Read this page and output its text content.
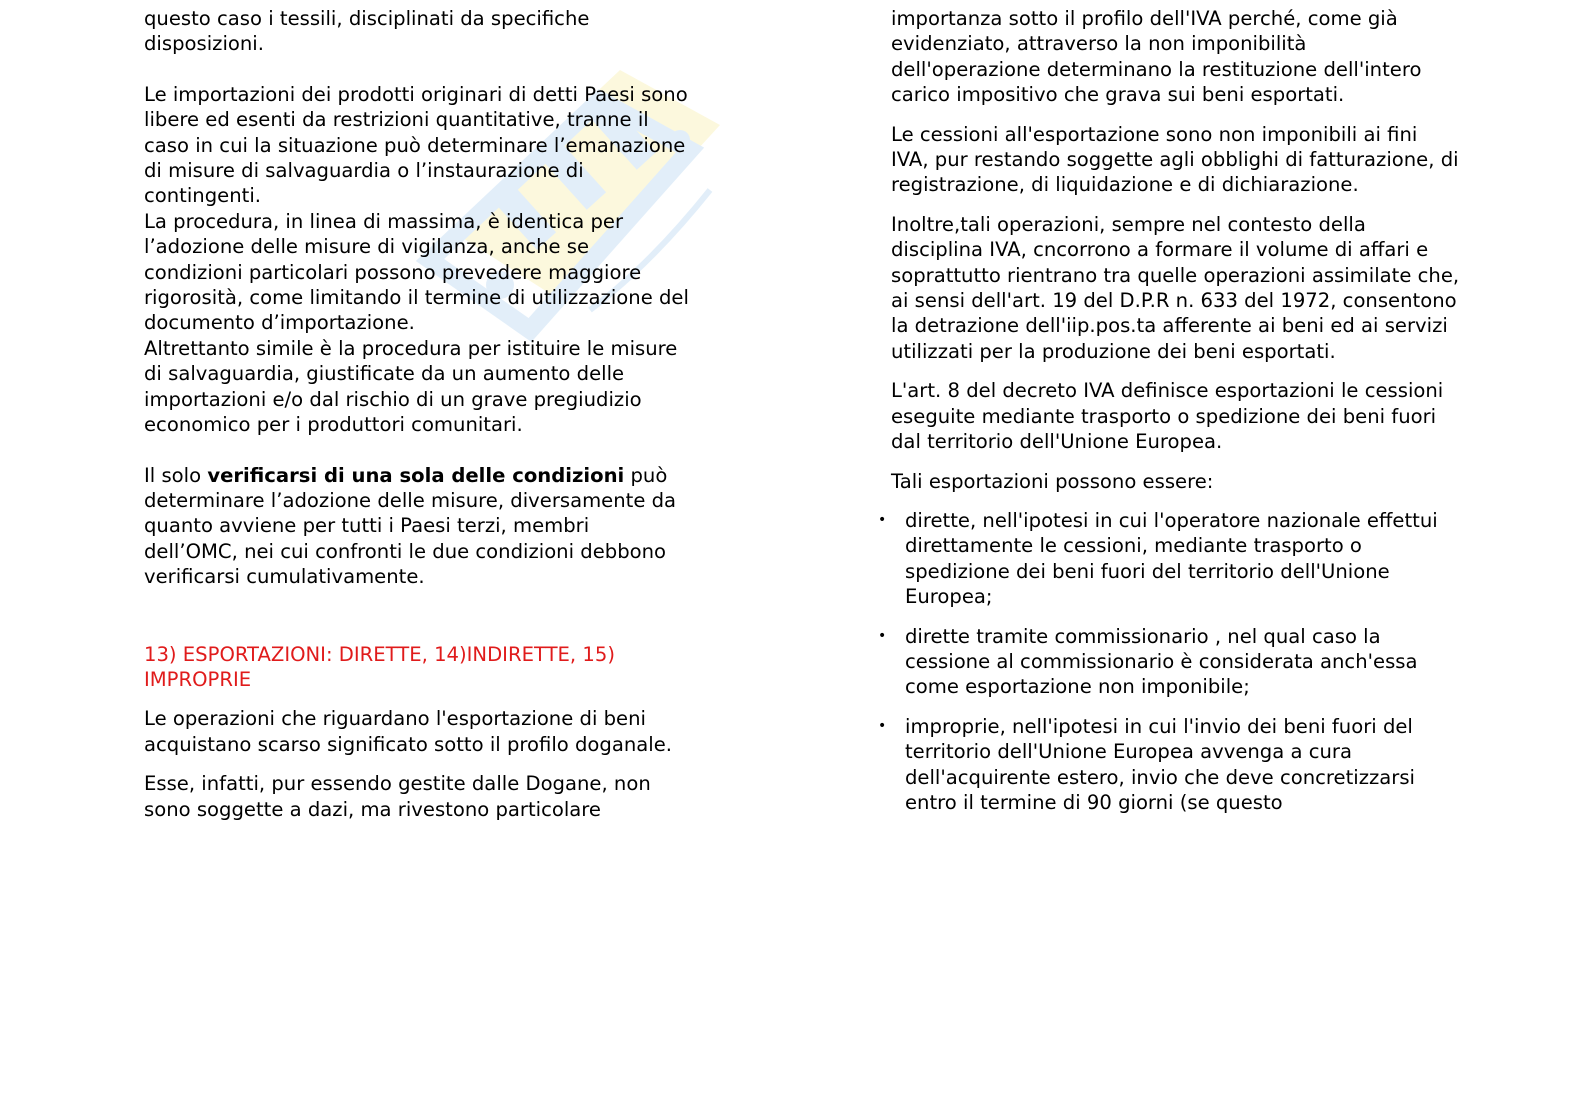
questo caso i tessili, disciplinati da specifiche disposizioni.

Le importazioni dei prodotti originari di detti Paesi sono libere ed esenti da restrizioni quantitative, tranne il caso in cui la situazione può determinare l’emanazione di misure di salvaguardia o l’instaurazione di contingenti.

La procedura, in linea di massima, è identica per l’adozione delle misure di vigilanza, anche se condizioni particolari possono prevedere maggiore rigorosità, come limitando il termine di utilizzazione del documento d’importazione.

Altrettanto simile è la procedura per istituire le misure di salvaguardia, giustificate da un aumento delle importazioni e/o dal rischio di un grave pregiudizio economico per i produttori comunitari.

Il solo verificarsi di una sola delle condizioni può determinare l’adozione delle misure, diversamente da quanto avviene per tutti i Paesi terzi, membri dell’OMC, nei cui confronti le due condizioni debbono verificarsi cumulativamente.

13) ESPORTAZIONI: DIRETTE, 14)INDIRETTE, 15) IMPROPRIE

Le operazioni che riguardano l'esportazione di beni acquistano scarso significato sotto il profilo doganale.

Esse, infatti, pur essendo gestite dalle Dogane, non sono soggette a dazi, ma rivestono particolare

importanza sotto il profilo dell'IVA perché, come già evidenziato, attraverso la non imponibilità dell'operazione determinano la restituzione dell'intero carico impositivo che grava sui beni esportati.

Le cessioni all'esportazione sono non imponibili ai fini IVA, pur restando soggette agli obblighi di fatturazione, di registrazione, di liquidazione e di dichiarazione.

Inoltre,tali operazioni, sempre nel contesto della disciplina IVA, cncorrono a formare il volume di affari e soprattutto rientrano tra quelle operazioni assimilate che, ai sensi dell'art. 19 del D.P.R n. 633 del 1972, consentono la detrazione dell'iip.pos.ta afferente ai beni ed ai servizi utilizzati per la produzione dei beni esportati.

L'art. 8 del decreto IVA definisce esportazioni le cessioni eseguite mediante trasporto o spedizione dei beni fuori dal territorio dell'Unione Europea.

Tali esportazioni possono essere:

• dirette, nell'ipotesi in cui l'operatore nazionale effettui direttamente le cessioni, mediante trasporto o spedizione dei beni fuori del territorio dell'Unione Europea;
• dirette tramite commissionario , nel qual caso la cessione al commissionario è considerata anch'essa come esportazione non imponibile;
• improprie, nell'ipotesi in cui l'invio dei beni fuori del territorio dell'Unione Europea avvenga a cura dell'acquirente estero, invio che deve concretizzarsi entro il termine di 90 giorni (se questo
